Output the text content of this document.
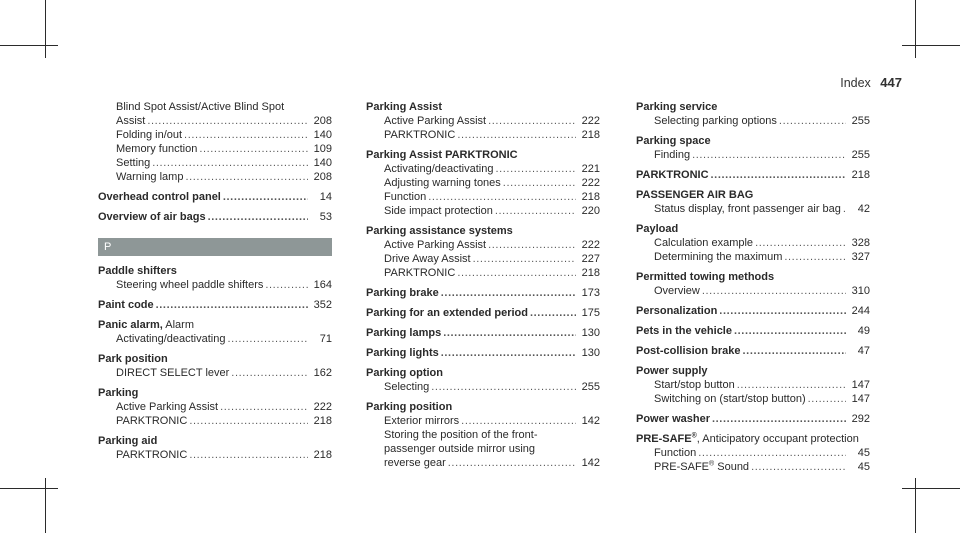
Index 447
Blind Spot Assist/Active Blind Spot
Assist .....	208
Folding in/out .....	140
Memory function .....	109
Setting .....	140
Warning lamp .....	208
Overhead control panel .....	14
Overview of air bags .....	53
P
Paddle shifters
Steering wheel paddle shifters .....	164
Paint code .....	352
Panic alarm, Alarm
Activating/deactivating .....	71
Park position
DIRECT SELECT lever .....	162
Parking
Active Parking Assist .....	222
PARKTRONIC .....	218
Parking aid
PARKTRONIC .....	218
Parking Assist
Active Parking Assist .....	222
PARKTRONIC .....	218
Parking Assist PARKTRONIC
Activating/deactivating .....	221
Adjusting warning tones .....	222
Function .....	218
Side impact protection .....	220
Parking assistance systems
Active Parking Assist .....	222
Drive Away Assist .....	227
PARKTRONIC .....	218
Parking brake .....	173
Parking for an extended period .....	175
Parking lamps .....	130
Parking lights .....	130
Parking option
Selecting .....	255
Parking position
Exterior mirrors .....	142
Storing the position of the front-
passenger outside mirror using
reverse gear .....	142
Parking service
Selecting parking options .....	255
Parking space
Finding .....	255
PARKTRONIC .....	218
PASSENGER AIR BAG
Status display, front passenger air bag .....	42
Payload
Calculation example .....	328
Determining the maximum .....	327
Permitted towing methods
Overview .....	310
Personalization .....	244
Pets in the vehicle .....	49
Post-collision brake .....	47
Power supply
Start/stop button .....	147
Switching on (start/stop button) .....	147
Power washer .....	292
PRE-SAFE®, Anticipatory occupant protection
Function .....	45
PRE-SAFE® Sound .....	45
